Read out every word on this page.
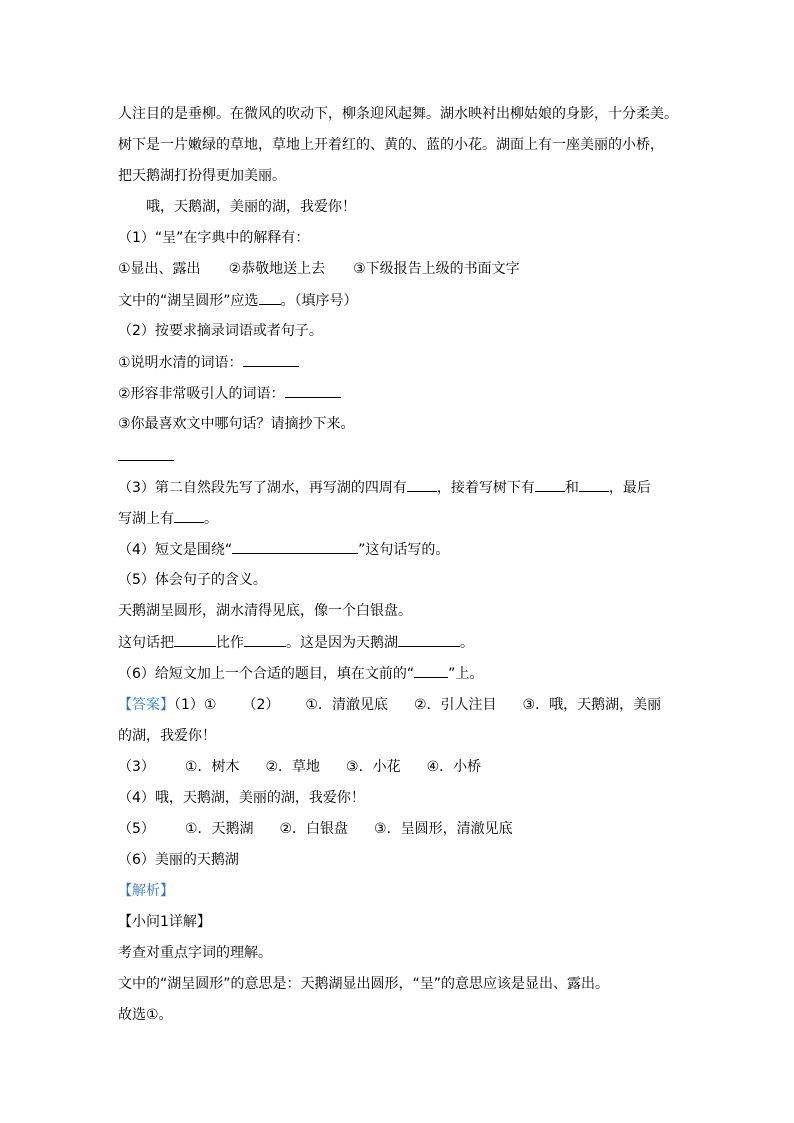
人注目的是垂柳。在微风的吹动下，柳条迎风起舞。湖水映衬出柳姑娘的身影，十分柔美。
树下是一片嫩绿的草地，草地上开着红的、黄的、蓝的小花。湖面上有一座美丽的小桥，
把天鹅湖打扮得更加美丽。
哦，天鹅湖，美丽的湖，我爱你！
（1）“呈”在字典中的解释有：
①显出、露出 ②恭敬地送上去 ③下级报告上级的书面文字
文中的“湖呈圆形”应选 。（填序号）
（2）按要求摘录词语或者句子。
①说明水清的词语：
②形容非常吸引人的词语：
③你最喜欢文中哪句话？请摘抄下来。
（3）第二自然段先写了湖水，再写湖的四周有 ，接着写树下有 和 ，最后
写湖上有 。
（4）短文是围绕“	”这句话写的。
（5）体会句子的含义。
天鹅湖呈圆形，湖水清得见底，像一个白银盘。
这句话把	比作	。这是因为天鹅湖	。
（6）给短文加上一个合适的题目，填在文前的“ ”上。
【答案】（1）① （2） ①．清澈见底 ②．引人注目 ③．哦，天鹅湖，美丽
的湖，我爱你！
（3） ①．树木 ②．草地 ③．小花 ④．小桥
（4）哦，天鹅湖，美丽的湖，我爱你！
（5） ①．天鹅湖 ②．白银盘 ③．呈圆形，清澈见底
（6）美丽的天鹅湖
【解析】
【小问1详解】
考查对重点字词的理解。
文中的“湖呈圆形”的意思是：天鹅湖显出圆形，“呈”的意思应该是显出、露出。
故选①。
